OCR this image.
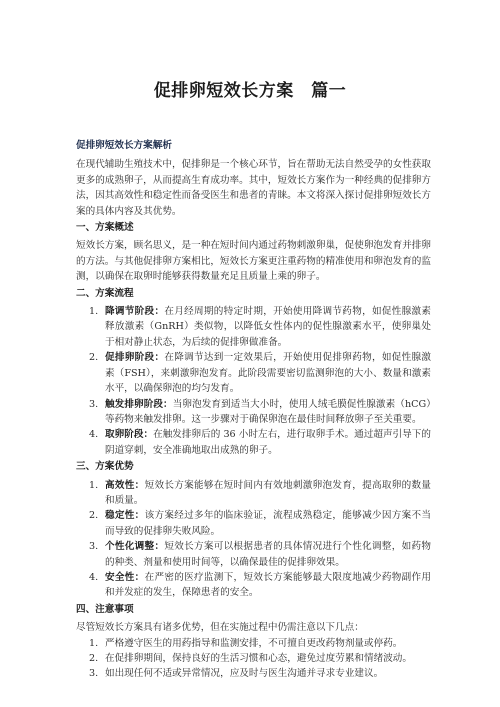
促排卵短效长方案　篇一

促排卵短效长方案解析

在现代辅助生殖技术中，促排卵是一个核心环节，旨在帮助无法自然受孕的女性获取更多的成熟卵子，从而提高生育成功率。其中，短效长方案作为一种经典的促排卵方法，因其高效性和稳定性而备受医生和患者的青睐。本文将深入探讨促排卵短效长方案的具体内容及其优势。

一、方案概述

短效长方案，顾名思义，是一种在短时间内通过药物刺激卵巢，促使卵泡发育并排卵的方法。与其他促排卵方案相比，短效长方案更注重药物的精准使用和卵泡发育的监测，以确保在取卵时能够获得数量充足且质量上乘的卵子。

二、方案流程

1. 降调节阶段：在月经周期的特定时期，开始使用降调节药物，如促性腺激素释放激素（GnRH）类似物，以降低女性体内的促性腺激素水平，使卵巢处于相对静止状态，为后续的促排卵做准备。
2. 促排卵阶段：在降调节达到一定效果后，开始使用促排卵药物，如促性腺激素（FSH），来刺激卵泡发育。此阶段需要密切监测卵泡的大小、数量和激素水平，以确保卵泡的均匀发育。
3. 触发排卵阶段：当卵泡发育到适当大小时，使用人绒毛膜促性腺激素（hCG）等药物来触发排卵。这一步骤对于确保卵泡在最佳时间释放卵子至关重要。
4. 取卵阶段：在触发排卵后的 36 小时左右，进行取卵手术。通过超声引导下的阴道穿刺，安全准确地取出成熟的卵子。

三、方案优势

1. 高效性：短效长方案能够在短时间内有效地刺激卵泡发育，提高取卵的数量和质量。
2. 稳定性：该方案经过多年的临床验证，流程成熟稳定，能够减少因方案不当而导致的促排卵失败风险。
3. 个性化调整：短效长方案可以根据患者的具体情况进行个性化调整，如药物的种类、剂量和使用时间等，以确保最佳的促排卵效果。
4. 安全性：在严密的医疗监测下，短效长方案能够最大限度地减少药物副作用和并发症的发生，保障患者的安全。

四、注意事项

尽管短效长方案具有诸多优势，但在实施过程中仍需注意以下几点：

1. 严格遵守医生的用药指导和监测安排，不可擅自更改药物剂量或停药。
2. 在促排卵期间，保持良好的生活习惯和心态，避免过度劳累和情绪波动。
3. 如出现任何不适或异常情况，应及时与医生沟通并寻求专业建议。
